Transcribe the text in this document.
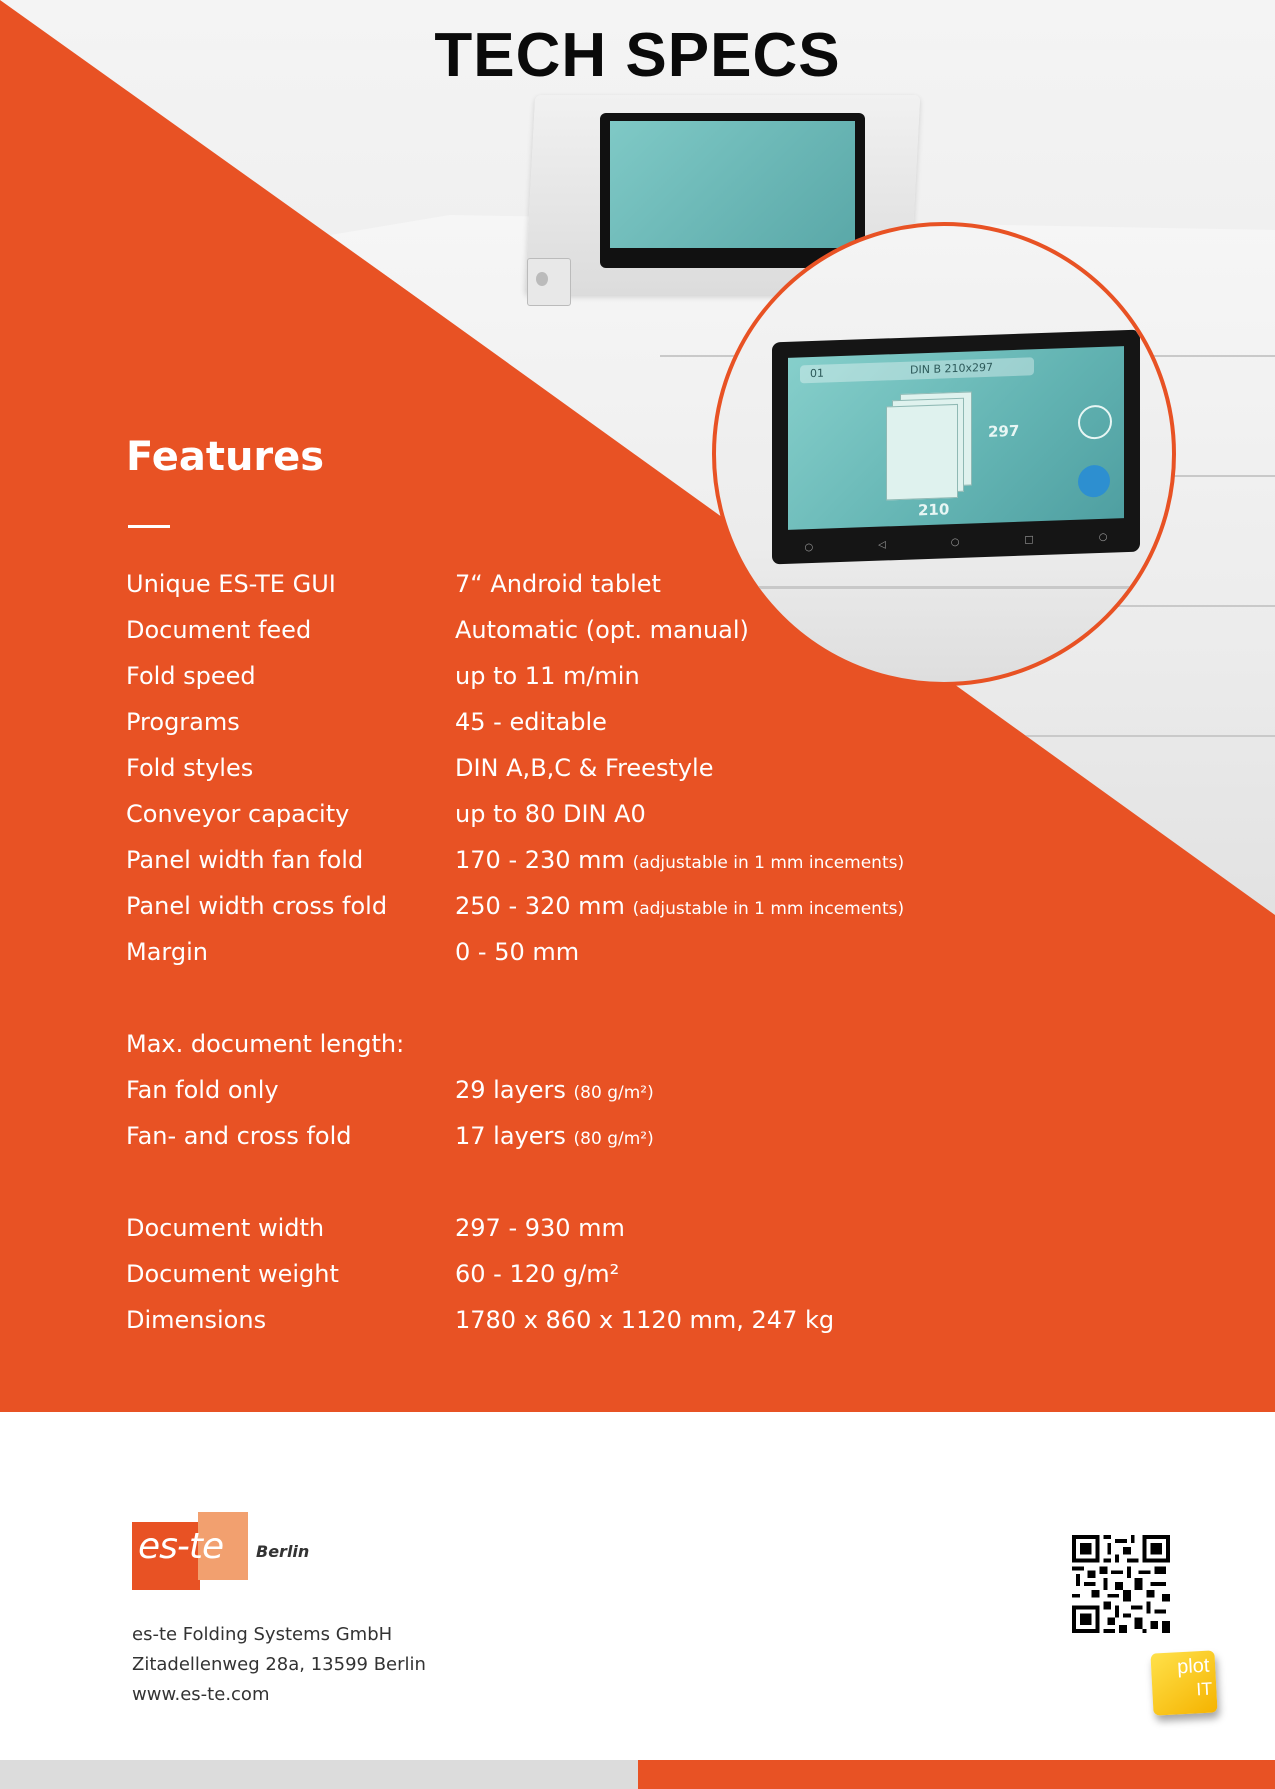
01	DIN B 210x297
297
210
○	◁	○	□	○
TECH SPECS
Features
Unique ES-TE GUI	7“ Android tablet
Document feed	Automatic (opt. manual)
Fold speed	up to 11 m/min
Programs	45 - editable
Fold styles	DIN A,B,C & Freestyle
Conveyor capacity	up to 80 DIN A0
Panel width fan fold	170 - 230 mm (adjustable in 1 mm incements)
Panel width cross fold	250 - 320 mm (adjustable in 1 mm incements)
Margin	0 - 50 mm
Max. document length:
Fan fold only	29 layers (80 g/m²)
Fan- and cross fold	17 layers (80 g/m²)
Document width	297 - 930 mm
Document weight	60 - 120 g/m²
Dimensions	1780 x 860 x 1120 mm, 247 kg
es-te Berlin
es-te Folding Systems GmbH
Zitadellenweg 28a, 13599 Berlin
www.es-te.com
plot
IT
